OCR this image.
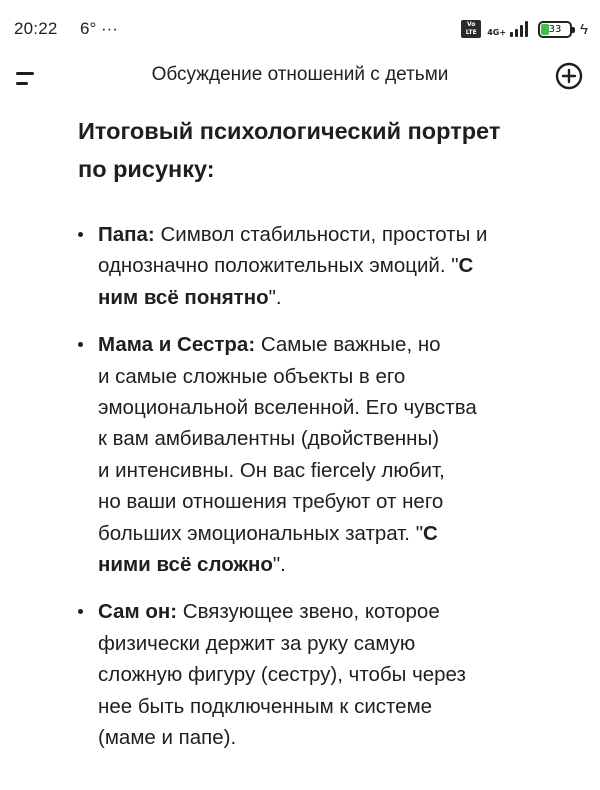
20:22 6° ···	Vo
LTE	4G+	33	ϟ
Обсуждение отношений с детьми
Итоговый психологический портрет
по рисунку:
Папа: Символ стабильности, простоты и
однозначно положительных эмоций. "С
ним всё понятно".
Мама и Сестра: Самые важные, но
и самые сложные объекты в его
эмоциональной вселенной. Его чувства
к вам амбивалентны (двойственны)
и интенсивны. Он вас fiercely любит,
но ваши отношения требуют от него
больших эмоциональных затрат. "С
ними всё сложно".
Сам он: Связующее звено, которое
физически держит за руку самую
сложную фигуру (сестру), чтобы через
нее быть подключенным к системе
(маме и папе).
